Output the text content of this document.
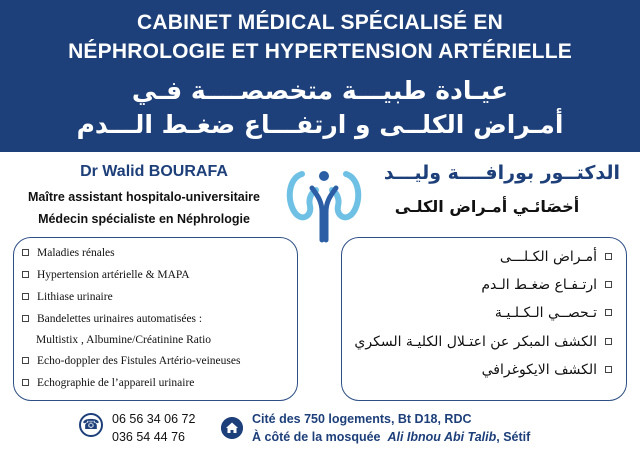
CABINET MÉDICAL SPÉCIALISÉ EN
NÉPHROLOGIE ET HYPERTENSION ARTÉRIELLE
عيـادة طبيـــة متخصصــــة فـي
أمـراض الكلــى و ارتفـــاع ضغـط الـــدم
Dr Walid BOURAFA
Maître assistant hospitalo-universitaire
Médecin spécialiste en Néphrologie
الدكتــور بورافــــة وليـــد
أخصَائـي أمـراض الكلـى
Maladies rénales
Hypertension artérielle & MAPA
Lithiase urinaire
Bandelettes urinaires automatisées :
Multistix , Albumine/Créatinine Ratio
Echo-doppler des Fistules Artério-veineuses
Echographie de l’appareil urinaire
أمـراض الكـلـــى
ارتـفـاع ضغـط الـدم
تـحصــي الـكـلـيـة
الكشف المبكر عن اعتـلال الكليـة السكري
الكشف الايكوغرافي
☎ 06 56 34 06 72
036 54 44 76
Cité des 750 logements, Bt D18, RDC
À côté de la mosquée Ali Ibnou Abi Talib, Sétif
